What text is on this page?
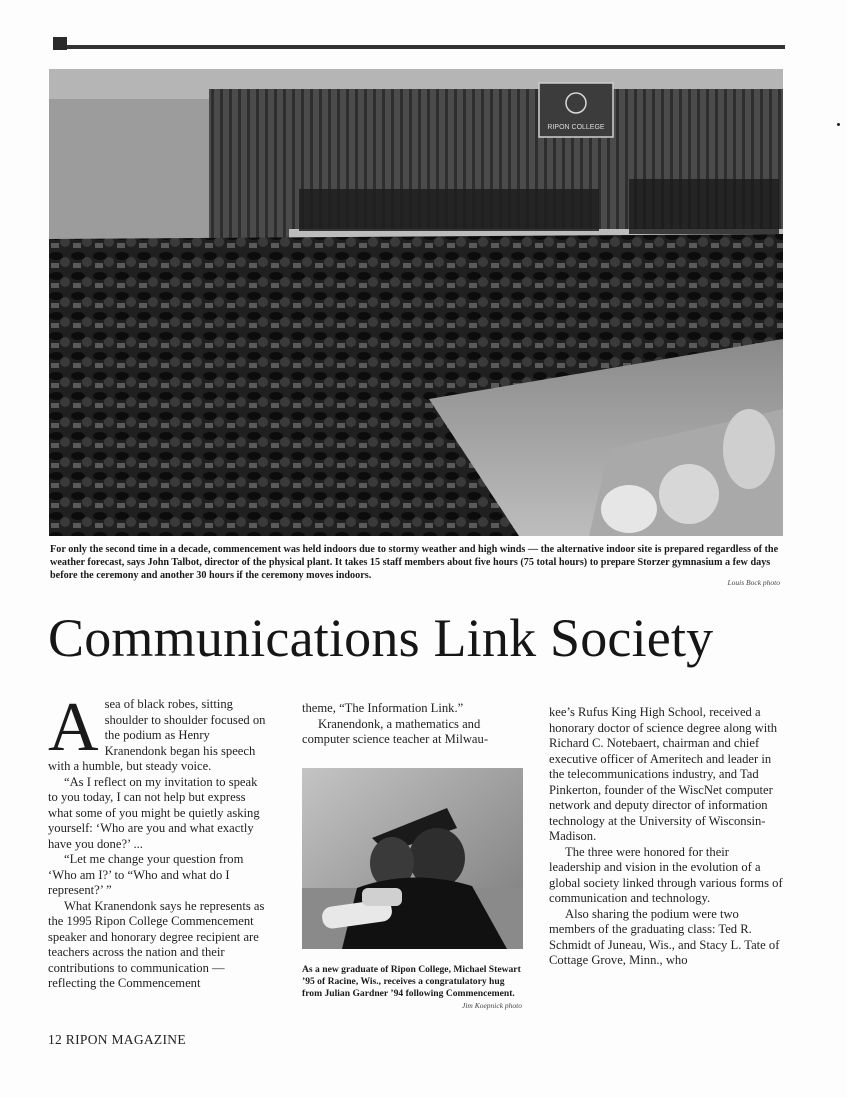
RIPON COLLEGE
For only the second time in a decade, commencement was held indoors due to stormy weather and high winds — the alternative indoor site is prepared regardless of the weather forecast, says John Talbot, director of the physical plant. It takes 15 staff members about five hours (75 total hours) to prepare Storzer gymnasium a few days before the ceremony and another 30 hours if the ceremony moves indoors.
Louis Bock photo
Communications Link Society

Asea of black robes, sitting shoulder to shoulder focused on the podium as Henry Kranendonk began his speech with a humble, but steady voice.

“As I reflect on my invitation to speak to you today, I can not help but express what some of you might be quietly asking yourself: ‘Who are you and what exactly have you done?’ ...

“Let me change your question from ‘Who am I?’ to “Who and what do I represent?’ ”

What Kranendonk says he represents as the 1995 Ripon College Commencement speaker and honorary degree recipient are teachers across the nation and their contributions to communication — reflecting the Commencement

theme, “The Information Link.”

Kranendonk, a mathematics and computer science teacher at Milwau-

As a new graduate of Ripon College, Michael Stewart ’95 of Racine, Wis., receives a congratulatory hug from Julian Gardner ’94 following Commencement.
Jim Koepnick photo

kee’s Rufus King High School, received a honorary doctor of science degree along with Richard C. Notebaert, chairman and chief executive officer of Ameritech and leader in the telecommunications industry, and Tad Pinkerton, founder of the WiscNet computer network and deputy director of information technology at the University of Wisconsin-Madison.

The three were honored for their leadership and vision in the evolution of a global society linked through various forms of communication and technology.

Also sharing the podium were two members of the graduating class: Ted R. Schmidt of Juneau, Wis., and Stacy L. Tate of Cottage Grove, Minn., who

12 RIPON MAGAZINE
